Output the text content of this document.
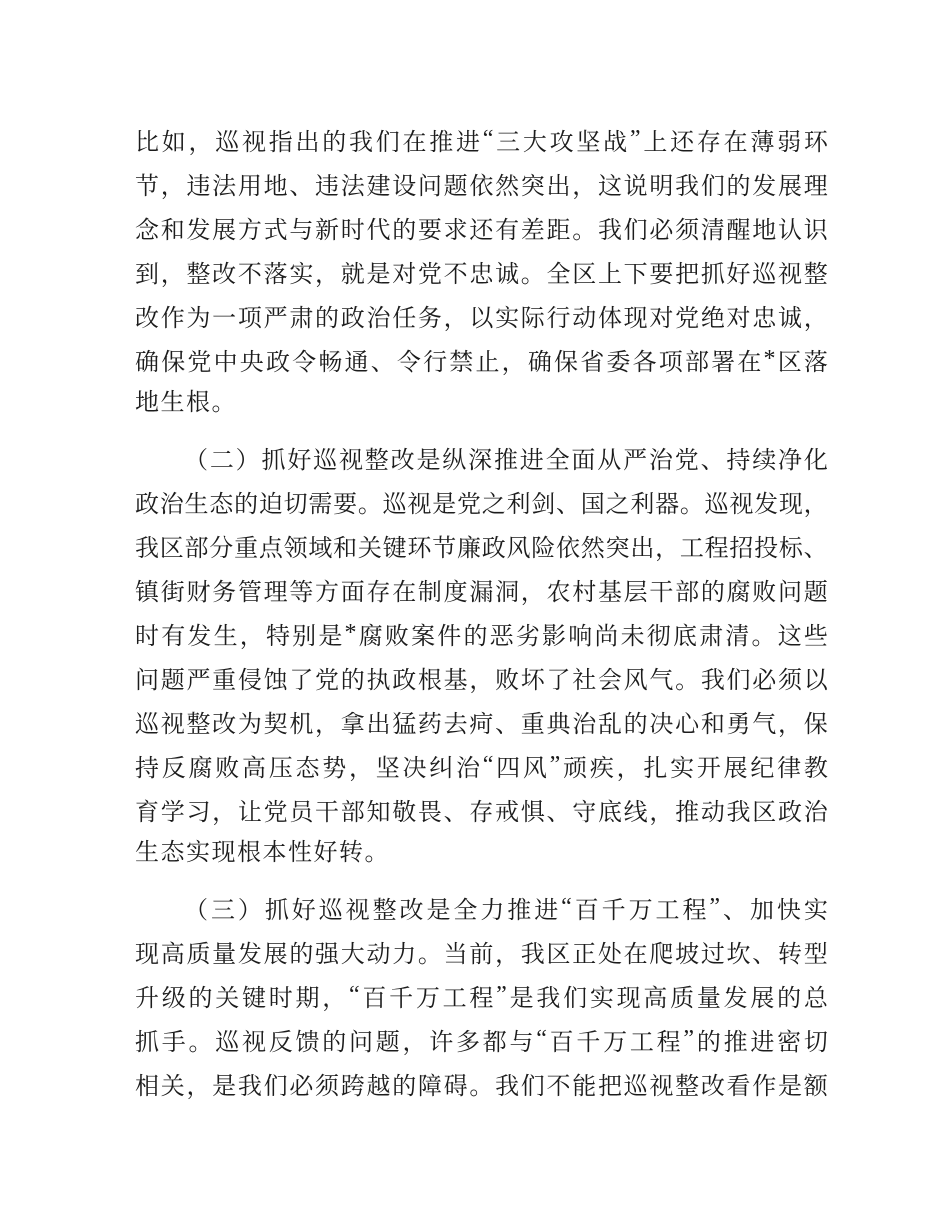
比 如 ， 巡 视 指 出 的 我 们 在 推 进 “ 三 大 攻 坚 战 ” 上 还 存 在 薄 弱 环
节 ， 违 法 用 地 、 违 法 建 设 问 题 依 然 突 出 ， 这 说 明 我 们 的 发 展 理
念 和 发 展 方 式 与 新 时 代 的 要 求 还 有 差 距 。 我 们 必 须 清 醒 地 认 识
到 ， 整 改 不 落 实 ， 就 是 对 党 不 忠 诚 。 全 区 上 下 要 把 抓 好 巡 视 整
改 作 为 一 项 严 肃 的 政 治 任 务 ， 以 实 际 行 动 体 现 对 党 绝 对 忠 诚 ，
确 保 党 中 央 政 令 畅 通 、 令 行 禁 止 ， 确 保 省 委 各 项 部 署 在 * 区 落
地生根。
（ 二 ） 抓 好 巡 视 整 改 是 纵 深 推 进 全 面 从 严 治 党 、 持 续 净 化
政 治 生 态 的 迫 切 需 要 。 巡 视 是 党 之 利 剑 、 国 之 利 器 。 巡 视 发 现 ，
我 区 部 分 重 点 领 域 和 关 键 环 节 廉 政 风 险 依 然 突 出 ， 工 程 招 投 标 、
镇 街 财 务 管 理 等 方 面 存 在 制 度 漏 洞 ， 农 村 基 层 干 部 的 腐 败 问 题
时 有 发 生 ， 特 别 是 * 腐 败 案 件 的 恶 劣 影 响 尚 未 彻 底 肃 清 。 这 些
问 题 严 重 侵 蚀 了 党 的 执 政 根 基 ， 败 坏 了 社 会 风 气 。 我 们 必 须 以
巡 视 整 改 为 契 机 ， 拿 出 猛 药 去 疴 、 重 典 治 乱 的 决 心 和 勇 气 ， 保
持 反 腐 败 高 压 态 势 ， 坚 决 纠 治 “ 四 风 ” 顽 疾 ， 扎 实 开 展 纪 律 教
育 学 习 ， 让 党 员 干 部 知 敬 畏 、 存 戒 惧 、 守 底 线 ， 推 动 我 区 政 治
生态实现根本性好转。
（ 三 ） 抓 好 巡 视 整 改 是 全 力 推 进 “ 百 千 万 工 程 ” 、 加 快 实
现 高 质 量 发 展 的 强 大 动 力 。 当 前 ， 我 区 正 处 在 爬 坡 过 坎 、 转 型
升 级 的 关 键 时 期 ， “ 百 千 万 工 程 ” 是 我 们 实 现 高 质 量 发 展 的 总
抓 手 。 巡 视 反 馈 的 问 题 ， 许 多 都 与 “ 百 千 万 工 程 ” 的 推 进 密 切
相 关 ， 是 我 们 必 须 跨 越 的 障 碍 。 我 们 不 能 把 巡 视 整 改 看 作 是 额
